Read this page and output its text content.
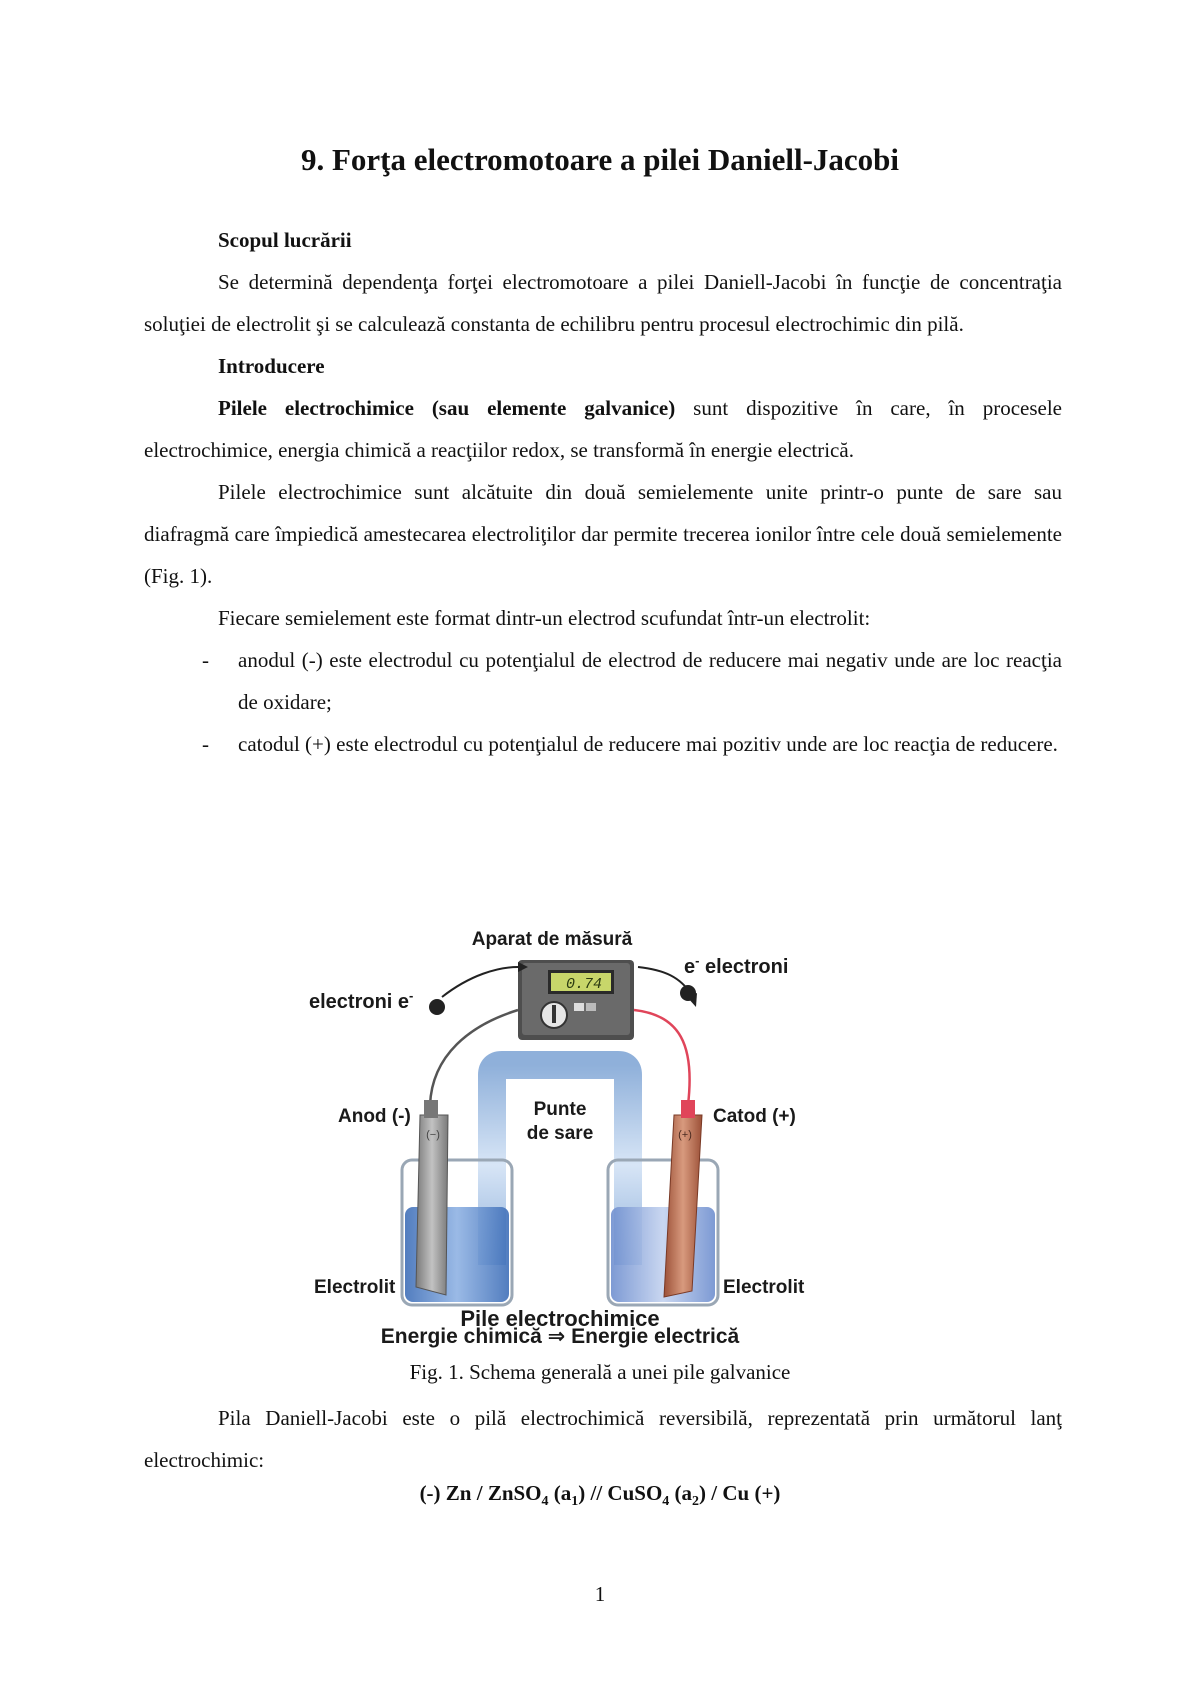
9. Forţa electromotoare a pilei Daniell-Jacobi

Scopul lucrării

Se determină dependenţa forţei electromotoare a pilei Daniell-Jacobi în funcţie de concentraţia soluţiei de electrolit şi se calculează constanta de echilibru pentru procesul electrochimic din pilă.

Introducere

Pilele electrochimice (sau elemente galvanice) sunt dispozitive în care, în procesele electrochimice, energia chimică a reacţiilor redox, se transformă în energie electrică.

Pilele electrochimice sunt alcătuite din două semielemente unite printr-o punte de sare sau diafragmă care împiedică amestecarea electroliţilor dar permite trecerea ionilor între cele două semielemente (Fig. 1).

Fiecare semielement este format dintr-un electrod scufundat într-un electrolit:

- anodul (-) este electrodul cu potenţialul de electrod de reducere mai negativ unde are loc reacţia de oxidare;
- catodul (+) este electrodul cu potenţialul de reducere mai pozitiv unde are loc reacţia de reducere.
Aparat de măsură
0.74
electroni e-
e- electroni
Punte
de sare
(−)	(+)
Anod (-)	Catod (+)
Electrolit	Electrolit
Pile electrochimice
Energie chimică ⇒ Energie electrică
Fig. 1. Schema generală a unei pile galvanice

Pila Daniell-Jacobi este o pilă electrochimică reversibilă, reprezentată prin următorul lanţ electrochimic:

(-) Zn / ZnSO$_4$ $(a_1)$ // CuSO$_4$ $(a_2)$ / Cu (+)
1
